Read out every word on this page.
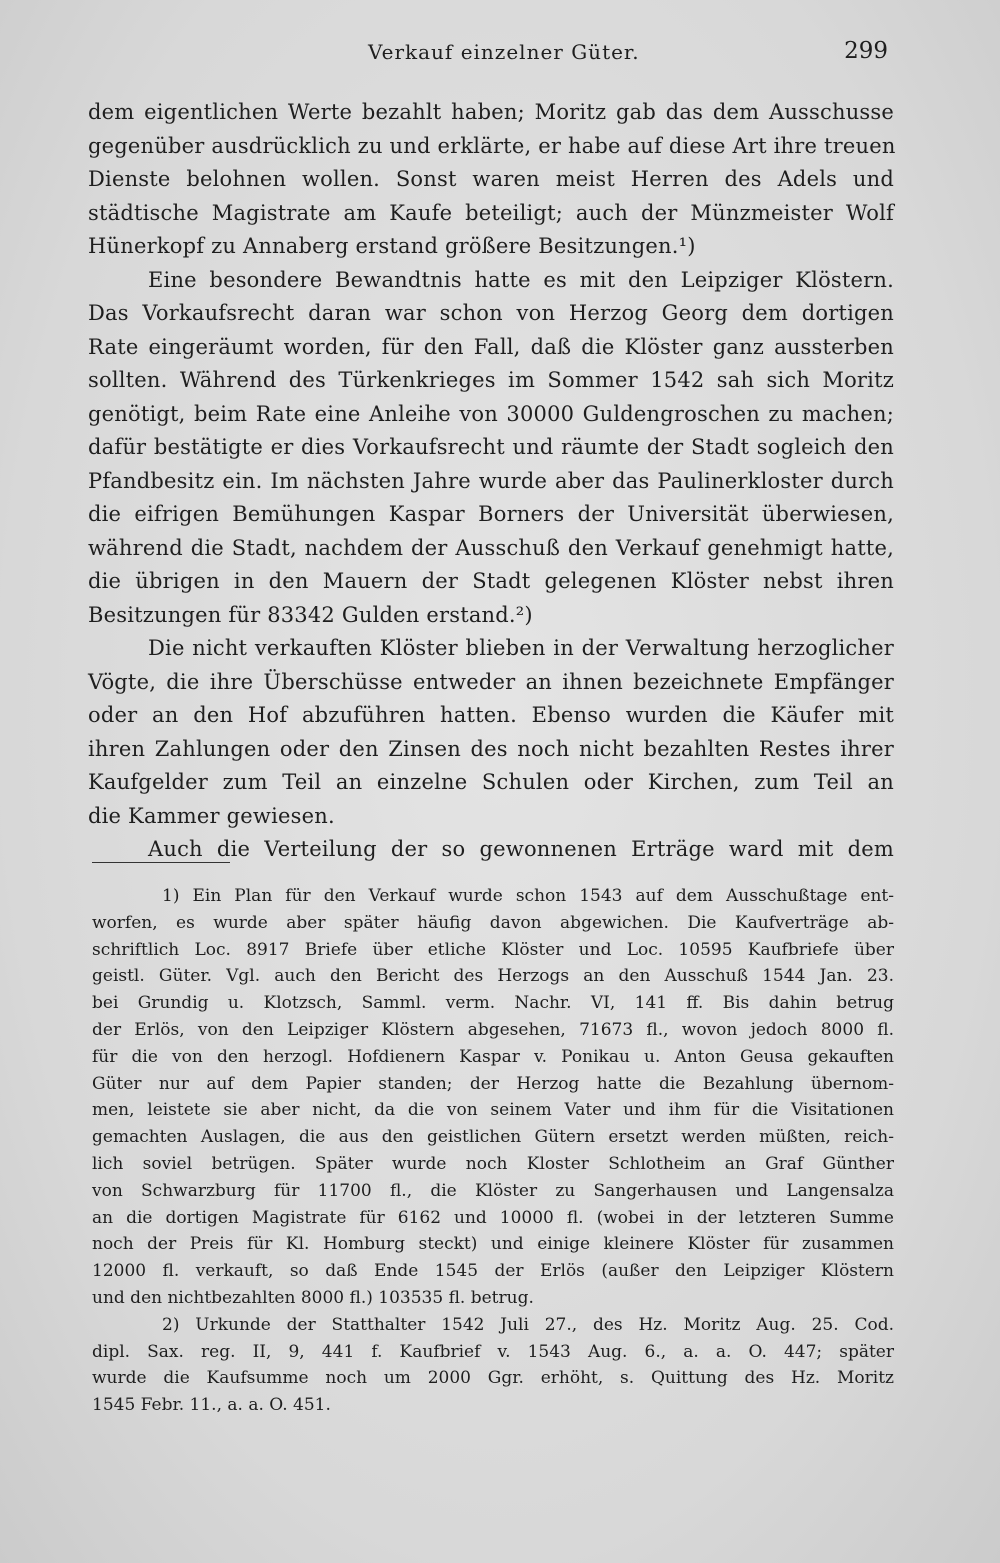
Verkauf einzelner Güter.	299
dem eigentlichen Werte bezahlt haben; Moritz gab das dem Ausschusse
gegenüber ausdrücklich zu und erklärte, er habe auf diese Art ihre treuen
Dienste belohnen wollen. Sonst waren meist Herren des Adels und
städtische Magistrate am Kaufe beteiligt; auch der Münzmeister Wolf
Hünerkopf zu Annaberg erstand größere Besitzungen.¹)
Eine besondere Bewandtnis hatte es mit den Leipziger Klöstern.
Das Vorkaufsrecht daran war schon von Herzog Georg dem dortigen
Rate eingeräumt worden, für den Fall, daß die Klöster ganz aussterben
sollten. Während des Türkenkrieges im Sommer 1542 sah sich Moritz
genötigt, beim Rate eine Anleihe von 30000 Guldengroschen zu machen;
dafür bestätigte er dies Vorkaufsrecht und räumte der Stadt sogleich den
Pfandbesitz ein. Im nächsten Jahre wurde aber das Paulinerkloster durch
die eifrigen Bemühungen Kaspar Borners der Universität überwiesen,
während die Stadt, nachdem der Ausschuß den Verkauf genehmigt hatte,
die übrigen in den Mauern der Stadt gelegenen Klöster nebst ihren
Besitzungen für 83342 Gulden erstand.²)
Die nicht verkauften Klöster blieben in der Verwaltung herzoglicher
Vögte, die ihre Überschüsse entweder an ihnen bezeichnete Empfänger
oder an den Hof abzuführen hatten. Ebenso wurden die Käufer mit
ihren Zahlungen oder den Zinsen des noch nicht bezahlten Restes ihrer
Kaufgelder zum Teil an einzelne Schulen oder Kirchen, zum Teil an
die Kammer gewiesen.
Auch die Verteilung der so gewonnenen Erträge ward mit dem
1) Ein Plan für den Verkauf wurde schon 1543 auf dem Ausschußtage ent-
worfen, es wurde aber später häufig davon abgewichen. Die Kaufverträge ab-
schriftlich Loc. 8917 Briefe über etliche Klöster und Loc. 10595 Kaufbriefe über
geistl. Güter. Vgl. auch den Bericht des Herzogs an den Ausschuß 1544 Jan. 23.
bei Grundig u. Klotzsch, Samml. verm. Nachr. VI, 141 ff. Bis dahin betrug
der Erlös, von den Leipziger Klöstern abgesehen, 71673 fl., wovon jedoch 8000 fl.
für die von den herzogl. Hofdienern Kaspar v. Ponikau u. Anton Geusa gekauften
Güter nur auf dem Papier standen; der Herzog hatte die Bezahlung übernom-
men, leistete sie aber nicht, da die von seinem Vater und ihm für die Visitationen
gemachten Auslagen, die aus den geistlichen Gütern ersetzt werden müßten, reich-
lich soviel betrügen. Später wurde noch Kloster Schlotheim an Graf Günther
von Schwarzburg für 11700 fl., die Klöster zu Sangerhausen und Langensalza
an die dortigen Magistrate für 6162 und 10000 fl. (wobei in der letzteren Summe
noch der Preis für Kl. Homburg steckt) und einige kleinere Klöster für zusammen
12000 fl. verkauft, so daß Ende 1545 der Erlös (außer den Leipziger Klöstern
und den nichtbezahlten 8000 fl.) 103535 fl. betrug.
2) Urkunde der Statthalter 1542 Juli 27., des Hz. Moritz Aug. 25. Cod.
dipl. Sax. reg. II, 9, 441 f. Kaufbrief v. 1543 Aug. 6., a. a. O. 447; später
wurde die Kaufsumme noch um 2000 Ggr. erhöht, s. Quittung des Hz. Moritz
1545 Febr. 11., a. a. O. 451.
